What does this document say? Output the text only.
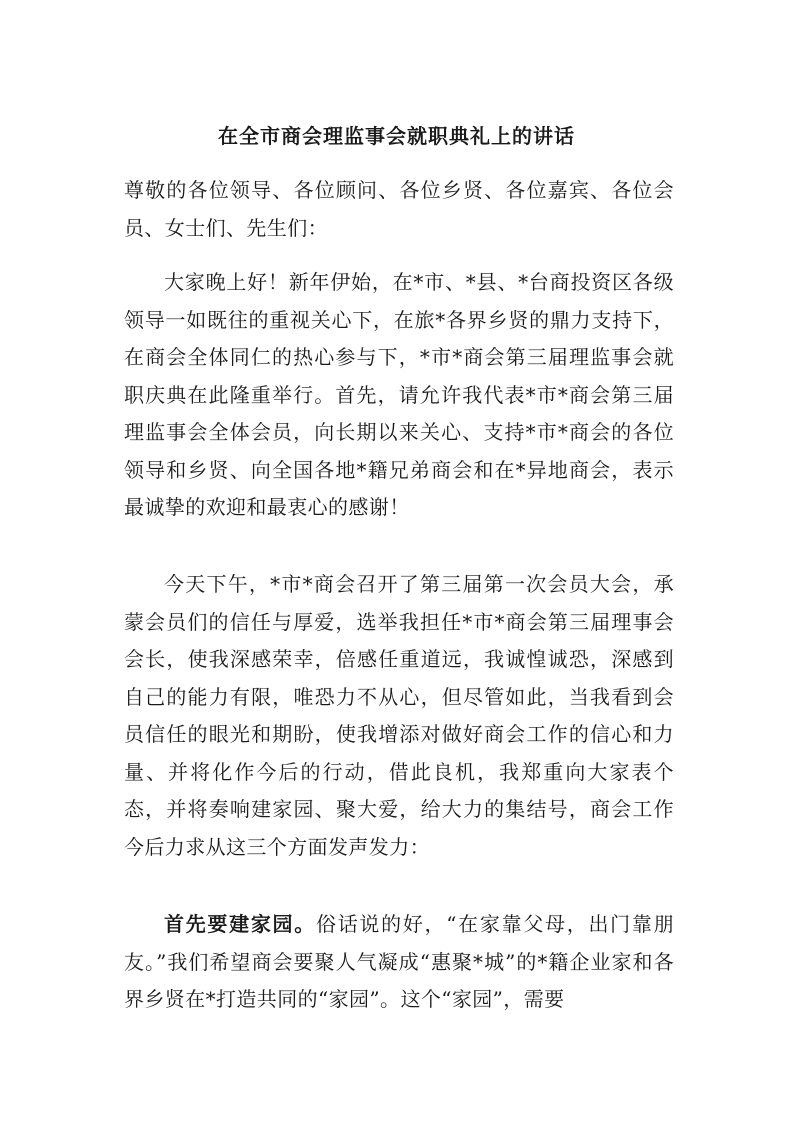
在全市商会理监事会就职典礼上的讲话

尊敬的各位领导、各位顾问、各位乡贤、各位嘉宾、各位会员、女士们、先生们：

大家晚上好！新年伊始，在*市、*县、*台商投资区各级领导一如既往的重视关心下，在旅*各界乡贤的鼎力支持下，在商会全体同仁的热心参与下，*市*商会第三届理监事会就职庆典在此隆重举行。首先，请允许我代表*市*商会第三届理监事会全体会员，向长期以来关心、支持*市*商会的各位领导和乡贤、向全国各地*籍兄弟商会和在*异地商会，表示最诚挚的欢迎和最衷心的感谢！

今天下午，*市*商会召开了第三届第一次会员大会，承蒙会员们的信任与厚爱，选举我担任*市*商会第三届理事会会长，使我深感荣幸，倍感任重道远，我诚惶诚恐，深感到自己的能力有限，唯恐力不从心，但尽管如此，当我看到会员信任的眼光和期盼，使我增添对做好商会工作的信心和力量、并将化作今后的行动，借此良机，我郑重向大家表个态，并将奏响建家园、聚大爱，给大力的集结号，商会工作今后力求从这三个方面发声发力：

首先要建家园。俗话说的好，“在家靠父母，出门靠朋友。”我们希望商会要聚人气凝成“惠聚*城”的*籍企业家和各界乡贤在*打造共同的“家园”。这个“家园”，需要
